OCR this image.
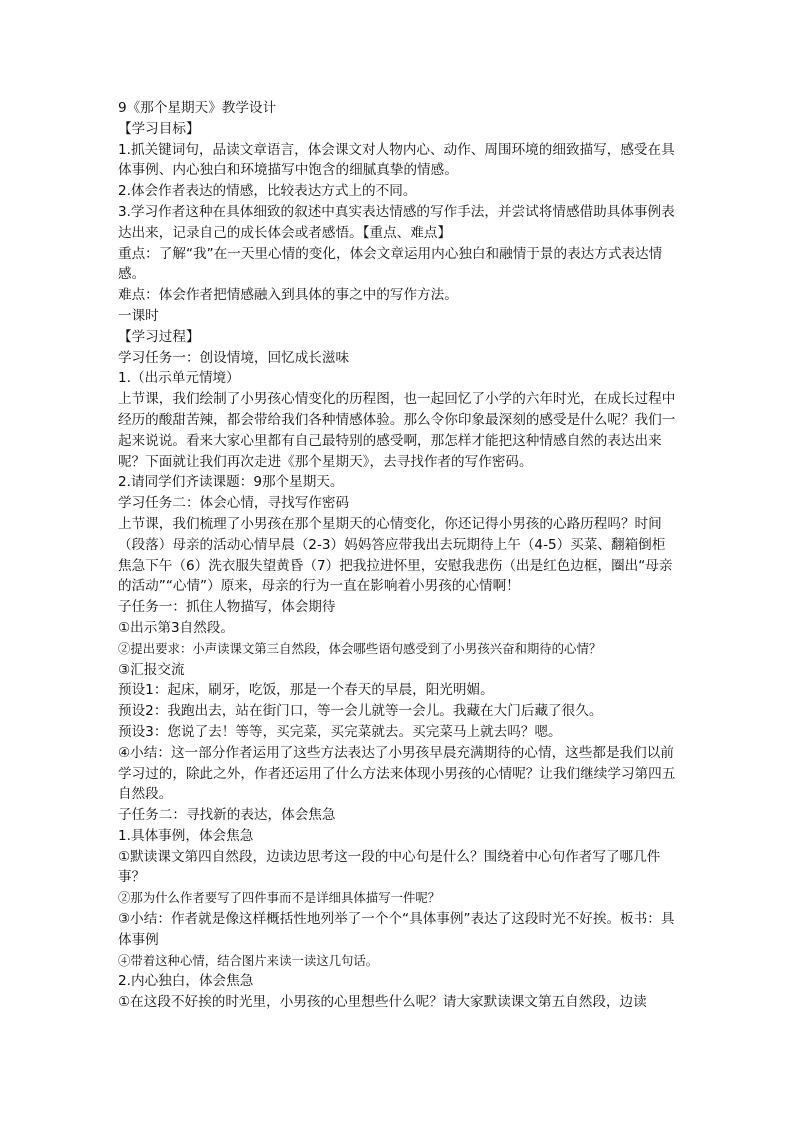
9《那个星期天》教学设计
【学习目标】
1.抓关键词句，品读文章语言，体会课文对人物内心、动作、周围环境的细致描写，感受在具体事例、内心独白和环境描写中饱含的细腻真挚的情感。
2.体会作者表达的情感，比较表达方式上的不同。
3.学习作者这种在具体细致的叙述中真实表达情感的写作手法，并尝试将情感借助具体事例表达出来，记录自己的成长体会或者感悟。【重点、难点】
重点：了解“我”在一天里心情的变化，体会文章运用内心独白和融情于景的表达方式表达情感。
难点：体会作者把情感融入到具体的事之中的写作方法。
一课时
【学习过程】
学习任务一：创设情境，回忆成长滋味
1.（出示单元情境）
上节课，我们绘制了小男孩心情变化的历程图，也一起回忆了小学的六年时光，在成长过程中经历的酸甜苦辣，都会带给我们各种情感体验。那么令你印象最深刻的感受是什么呢？我们一起来说说。看来大家心里都有自己最特别的感受啊，那怎样才能把这种情感自然的表达出来呢？下面就让我们再次走进《那个星期天》，去寻找作者的写作密码。
2.请同学们齐读课题：9那个星期天。
学习任务二：体会心情，寻找写作密码
上节课，我们梳理了小男孩在那个星期天的心情变化，你还记得小男孩的心路历程吗？时间（段落）母亲的活动心情早晨（2-3）妈妈答应带我出去玩期待上午（4-5）买菜、翻箱倒柜焦急下午（6）洗衣服失望黄昏（7）把我拉进怀里，安慰我悲伤（出是红色边框，圈出“母亲的活动”“心情”）原来，母亲的行为一直在影响着小男孩的心情啊！
子任务一：抓住人物描写，体会期待
①出示第3自然段。
②提出要求：小声读课文第三自然段，体会哪些语句感受到了小男孩兴奋和期待的心情？
③汇报交流
预设1：起床，刷牙，吃饭，那是一个春天的早晨，阳光明媚。
预设2：我跑出去，站在街门口，等一会儿就等一会儿。我藏在大门后藏了很久。
预设3：您说了去！等等，买完菜，买完菜就去。买完菜马上就去吗？嗯。
④小结：这一部分作者运用了这些方法表达了小男孩早晨充满期待的心情，这些都是我们以前学习过的，除此之外，作者还运用了什么方法来体现小男孩的心情呢？让我们继续学习第四五自然段。
子任务二：寻找新的表达，体会焦急
1.具体事例，体会焦急
①默读课文第四自然段，边读边思考这一段的中心句是什么？围绕着中心句作者写了哪几件事？
②那为什么作者要写了四件事而不是详细具体描写一件呢？
③小结：作者就是像这样概括性地列举了一个个“具体事例”表达了这段时光不好挨。板书：具体事例
④带着这种心情，结合图片来读一读这几句话。
2.内心独白，体会焦急
①在这段不好挨的时光里，小男孩的心里想些什么呢？请大家默读课文第五自然段，边读
